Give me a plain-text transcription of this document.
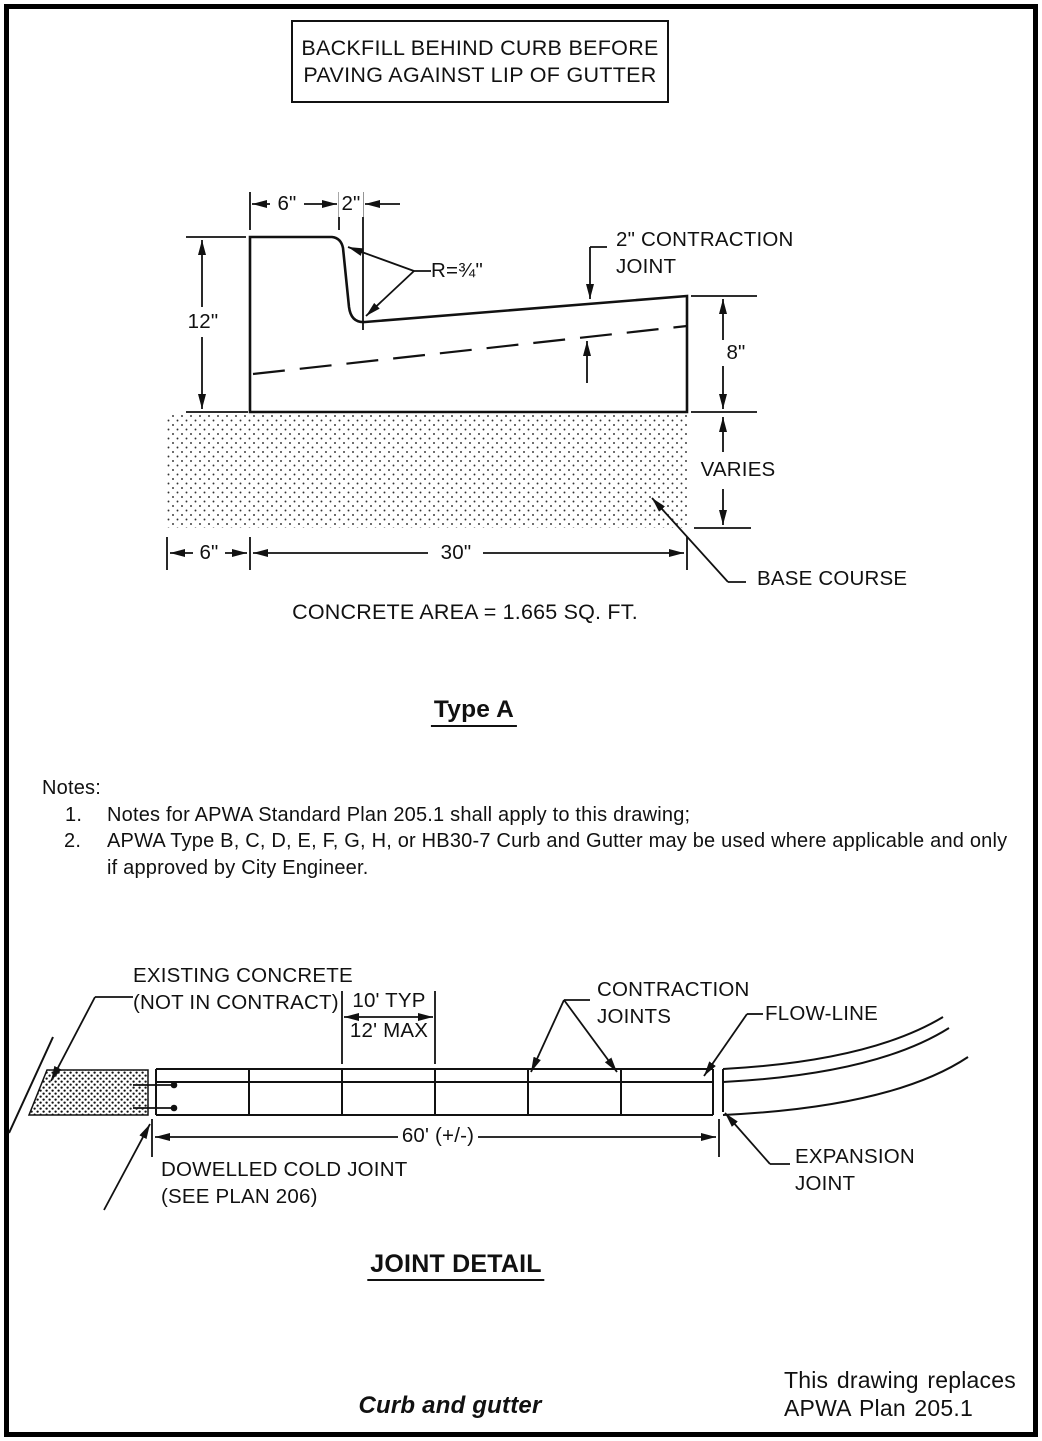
BACKFILL BEHIND CURB BEFORE
PAVING AGAINST LIP OF GUTTER
6" 2"
12"
R=¾"
2" CONTRACTION
JOINT
8"
VARIES
6"	30"
BASE COURSE
CONCRETE AREA = 1.665 SQ. FT.
Type A
Notes:
1. Notes for APWA Standard Plan 205.1 shall apply to this drawing;
2. APWA Type B, C, D, E, F, G, H, or HB30-7 Curb and Gutter may be used where applicable and only if approved by City Engineer.
EXISTING CONCRETE
(NOT IN CONTRACT) 10' TYP
12' MAX
CONTRACTION
JOINTS	FLOW-LINE
60' (+/-)
DOWELLED COLD JOINT
(SEE PLAN 206)
EXPANSION
JOINT
JOINT DETAIL
Curb and gutter
This drawing replaces
APWA Plan 205.1
